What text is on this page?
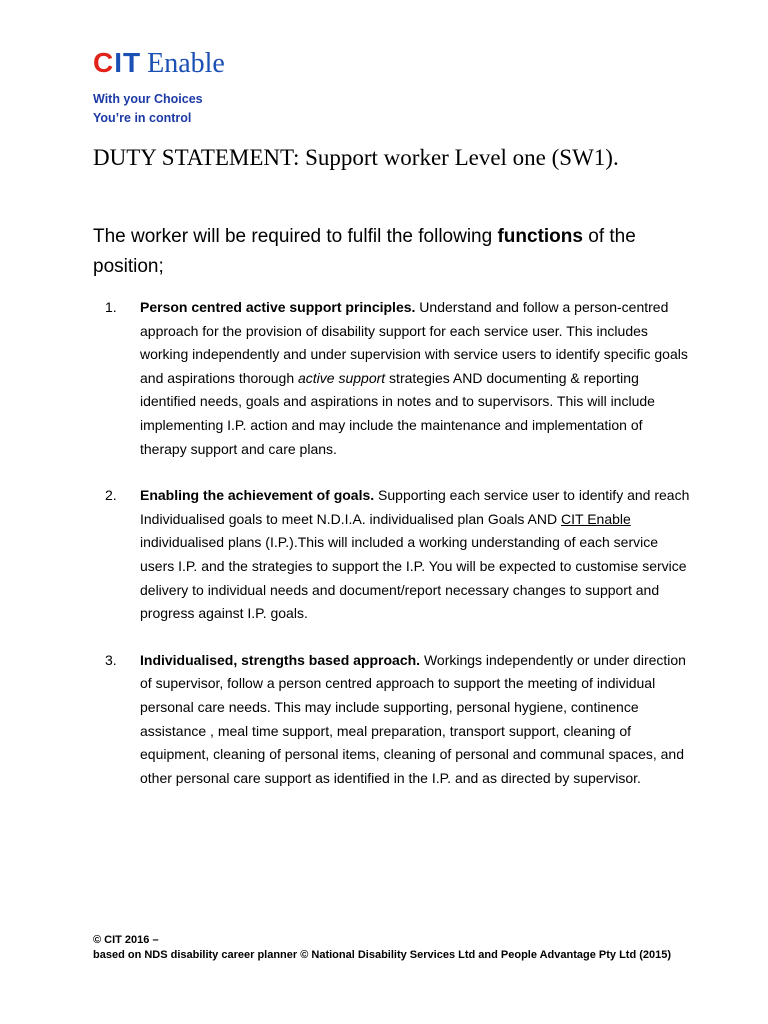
CIT Enable
With your Choices
You’re in control
DUTY STATEMENT: Support worker Level one (SW1).
The worker will be required to fulfil the following functions of the position;
1. Person centred active support principles. Understand and follow a person-centred approach for the provision of disability support for each service user. This includes working independently and under supervision with service users to identify specific goals and aspirations thorough active support strategies AND documenting & reporting identified needs, goals and aspirations in notes and to supervisors. This will include implementing I.P. action and may include the maintenance and implementation of therapy support and care plans.
2. Enabling the achievement of goals. Supporting each service user to identify and reach Individualised goals to meet N.D.I.A. individualised plan Goals AND CIT Enable individualised plans (I.P.).This will included a working understanding of each service users I.P. and the strategies to support the I.P. You will be expected to customise service delivery to individual needs and document/report necessary changes to support and progress against I.P. goals.
3. Individualised, strengths based approach. Workings independently or under direction of supervisor, follow a person centred approach to support the meeting of individual personal care needs. This may include supporting, personal hygiene, continence assistance , meal time support, meal preparation, transport support, cleaning of equipment, cleaning of personal items, cleaning of personal and communal spaces, and other personal care support as identified in the I.P. and as directed by supervisor.
© CIT 2016 –
based on NDS disability career planner © National Disability Services Ltd and People Advantage Pty Ltd (2015)
